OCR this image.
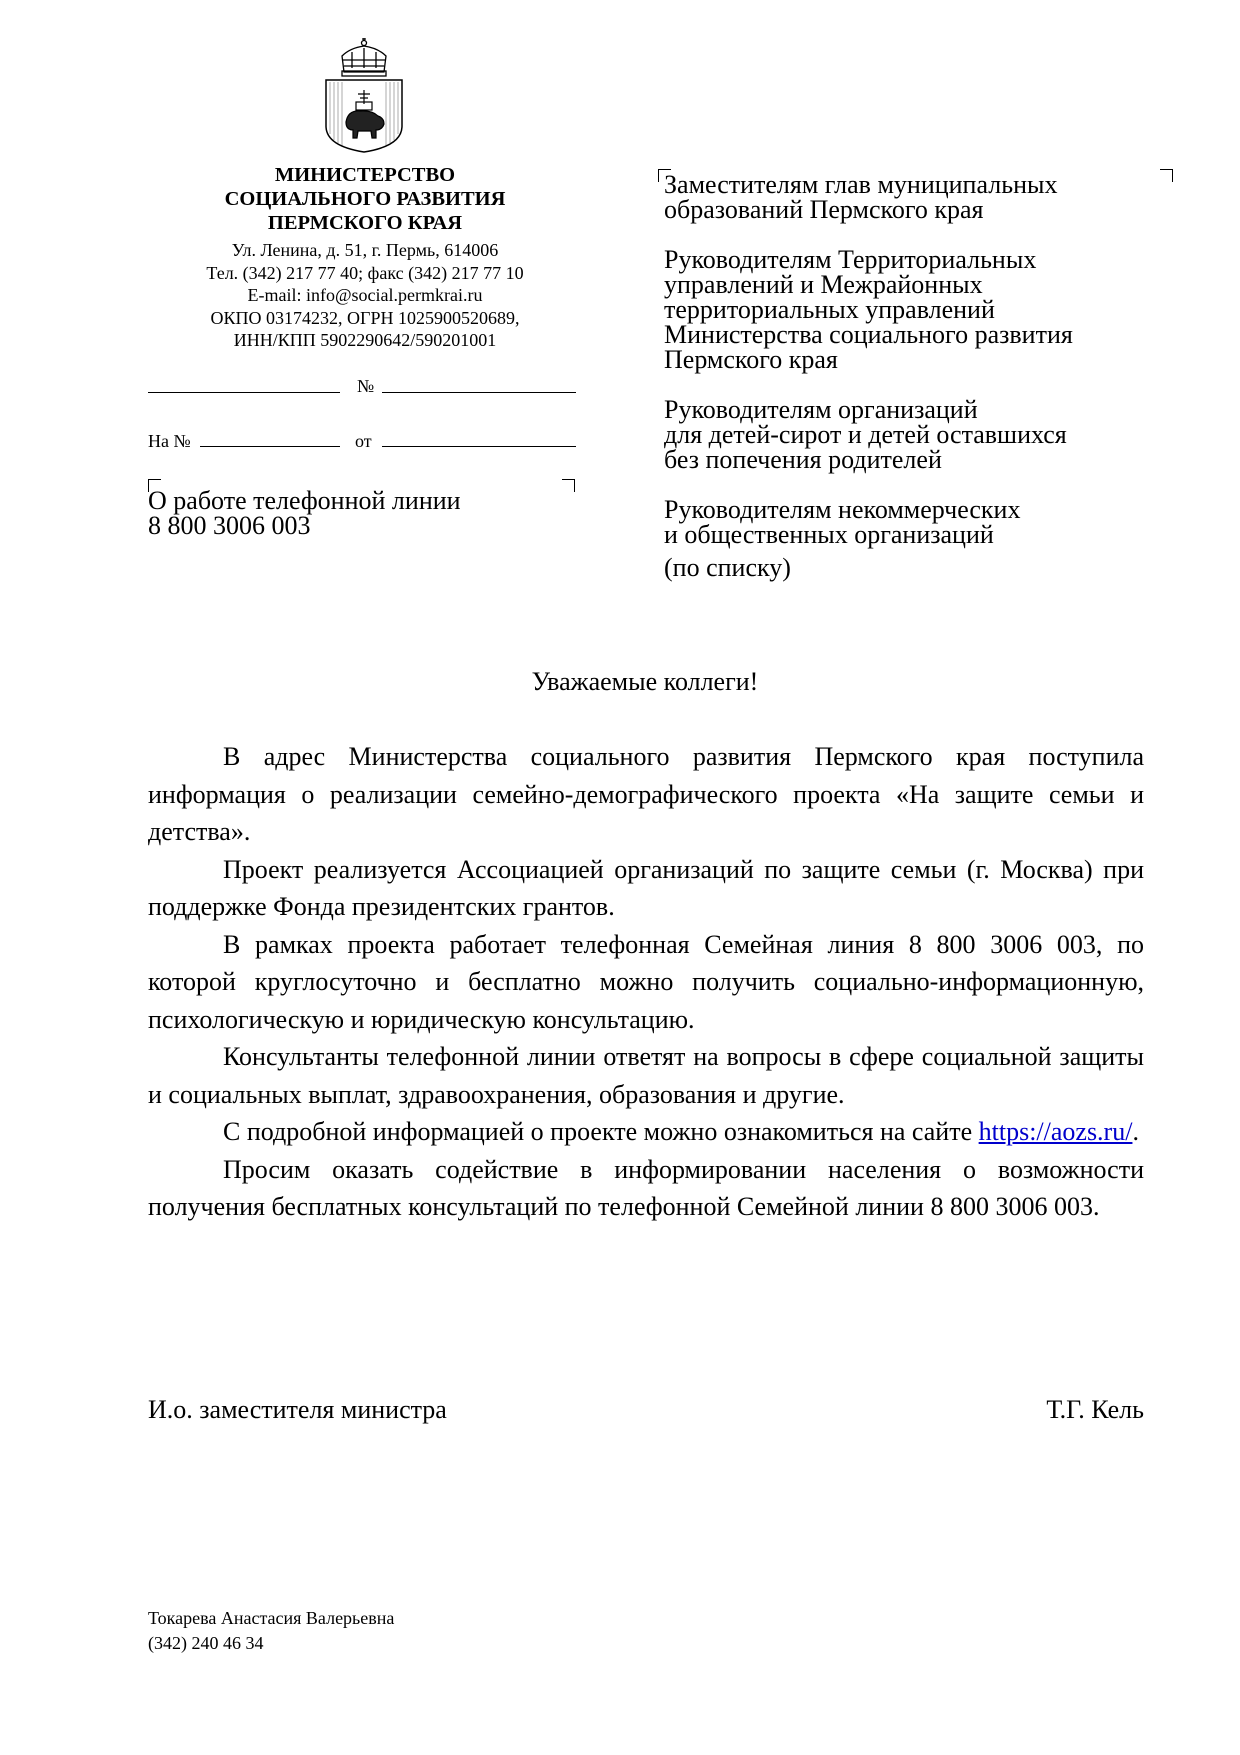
МИНИСТЕРСТВО
СОЦИАЛЬНОГО РАЗВИТИЯ
ПЕРМСКОГО КРАЯ
Ул. Ленина, д. 51, г. Пермь, 614006
Тел. (342) 217 77 40; факс (342) 217 77 10
E-mail: info@social.permkrai.ru
ОКПО 03174232, ОГРН 1025900520689,
ИНН/КПП 5902290642/590201001
№
На №	от
О работе телефонной линии
8 800 3006 003

Заместителям глав муниципальных
образований Пермского края

Руководителям Территориальных
управлений и Межрайонных
территориальных управлений
Министерства социального развития
Пермского края

Руководителям организаций
для детей-сирот и детей оставшихся
без попечения родителей

Руководителям некоммерческих
и общественных организаций

(по списку)

Уважаемые коллеги!

В адрес Министерства социального развития Пермского края поступила информация о реализации семейно-демографического проекта «На защите семьи и детства».

Проект реализуется Ассоциацией организаций по защите семьи (г. Москва) при поддержке Фонда президентских грантов.

В рамках проекта работает телефонная Семейная линия 8 800 3006 003, по которой круглосуточно и бесплатно можно получить социально-информационную, психологическую и юридическую консультацию.

Консультанты телефонной линии ответят на вопросы в сфере социальной защиты и социальных выплат, здравоохранения, образования и другие.

С подробной информацией о проекте можно ознакомиться на сайте https://aozs.ru/.

Просим оказать содействие в информировании населения о возможности получения бесплатных консультаций по телефонной Семейной линии 8 800 3006 003.

И.о. заместителя министра	Т.Г. Кель
Токарева Анастасия Валерьевна
(342) 240 46 34
